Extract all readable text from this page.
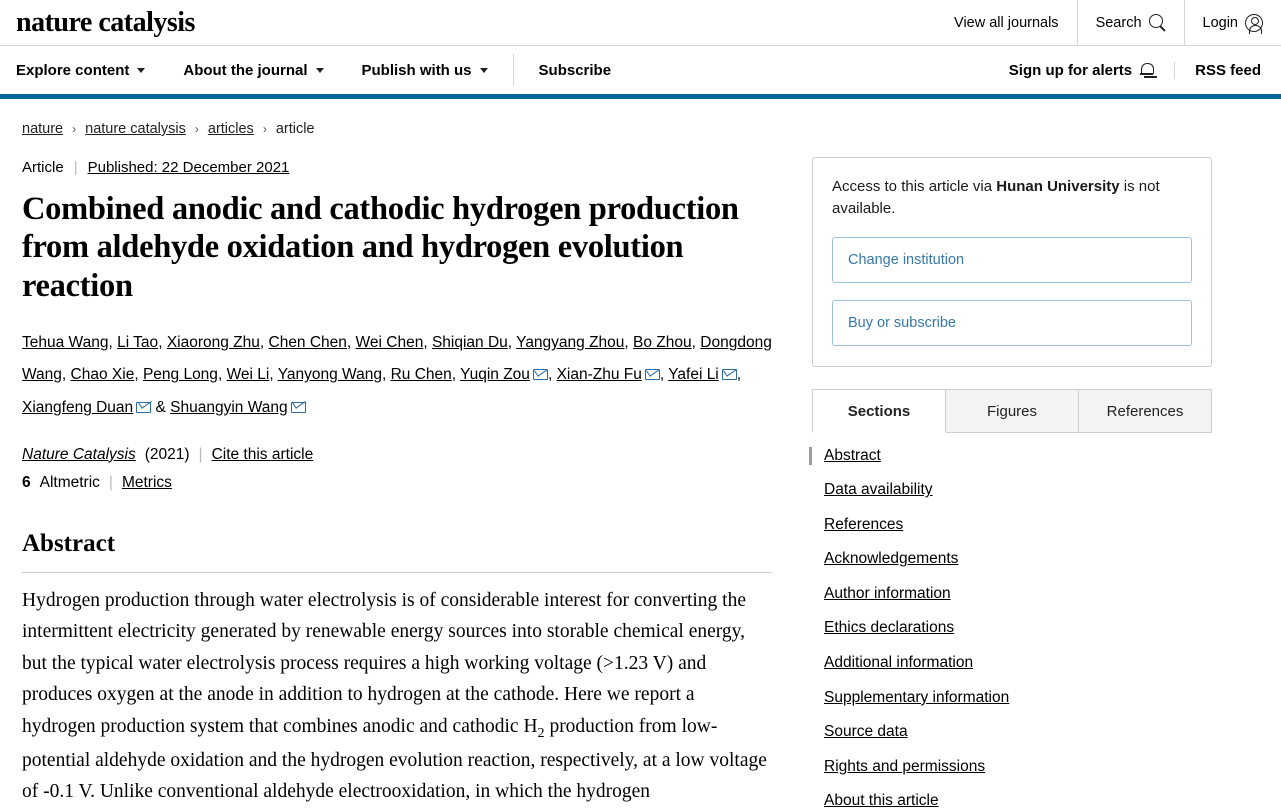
nature catalysis	View all journals	Search	Login
Explore content	About the journal	Publish with us	Subscribe	Sign up for alerts	RSS feed
nature › nature catalysis › articles › article
Article | Published: 22 December 2021
Combined anodic and cathodic hydrogen production from aldehyde oxidation and hydrogen evolution reaction
Tehua Wang, Li Tao, Xiaorong Zhu, Chen Chen, Wei Chen, Shiqian Du, Yangyang Zhou, Bo Zhou, Dongdong Wang, Chao Xie, Peng Long, Wei Li, Yanyong Wang, Ru Chen, Yuqin Zou , Xian-Zhu Fu , Yafei Li , Xiangfeng Duan & Shuangyin Wang
Nature Catalysis (2021) | Cite this article
6 Altmetric | Metrics
Abstract
Hydrogen production through water electrolysis is of considerable interest for converting the intermittent electricity generated by renewable energy sources into storable chemical energy, but the typical water electrolysis process requires a high working voltage (>1.23 V) and produces oxygen at the anode in addition to hydrogen at the cathode. Here we report a hydrogen production system that combines anodic and cathodic $H_2$ production from low-potential aldehyde oxidation and the hydrogen evolution reaction, respectively, at a low voltage of -0.1 V. Unlike conventional aldehyde electrooxidation, in which the hydrogen
Access to this article via Hunan University is not available.
Change institution
Buy or subscribe
Sections	Figures	References
Abstract
Data availability
References
Acknowledgements
Author information
Ethics declarations
Additional information
Supplementary information
Source data
Rights and permissions
About this article
